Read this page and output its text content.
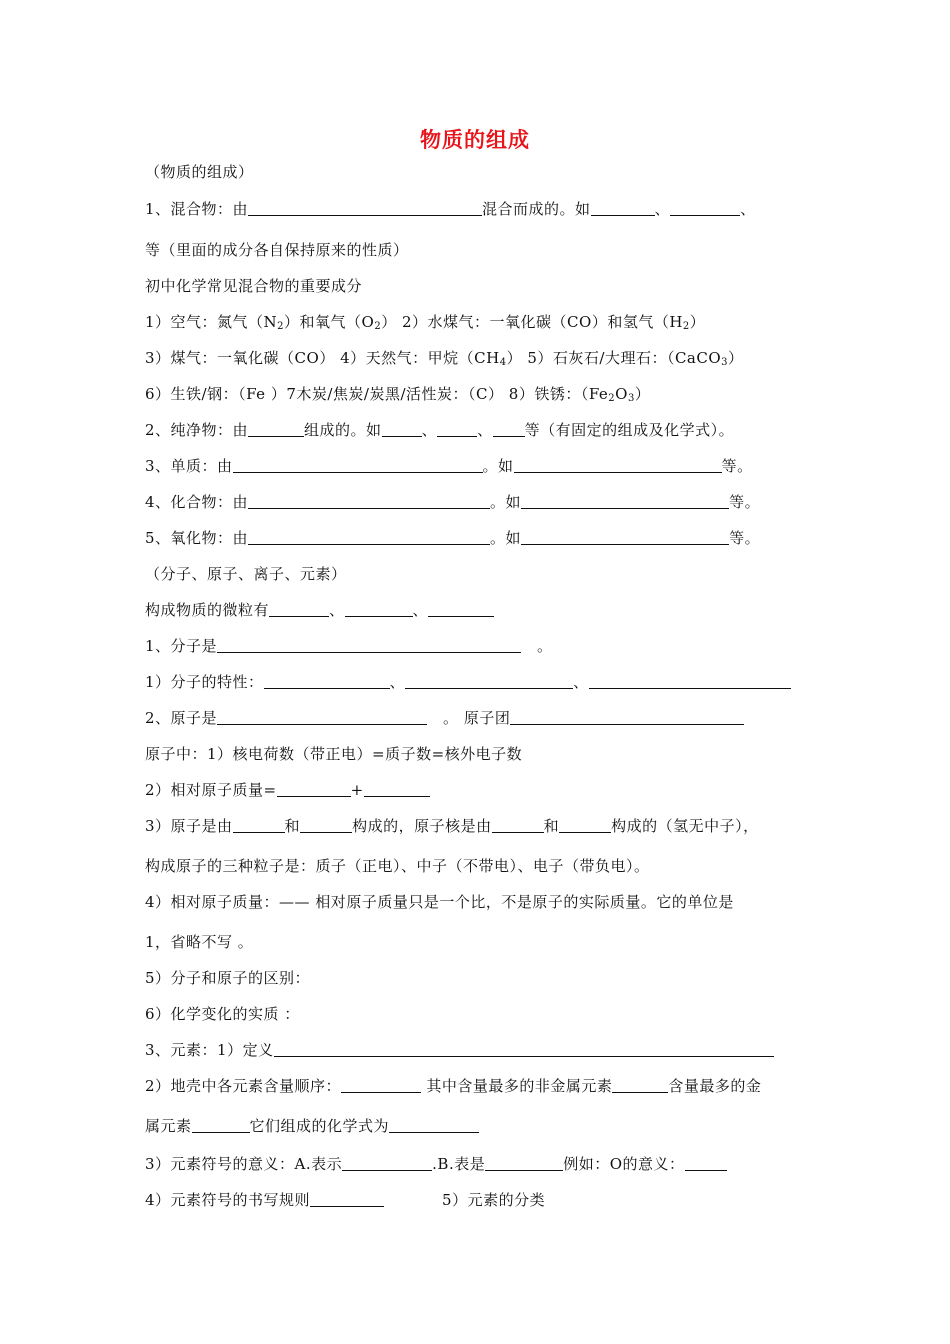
物质的组成
（物质的组成）
1、混合物：由	混合而成的。如	、	、
等（里面的成分各自保持原来的性质）
初中化学常见混合物的重要成分
1）空气：氮气$(N_2)$和氧气$(O_2)$ 2）水煤气：一氧化碳（CO）和氢气$(H_2)$
3）煤气：一氧化碳（CO） 4）天然气：甲烷$(CH_4)$ 5）石灰石/大理石：（CaCO$_3$）
6）生铁/钢：（Fe ）7木炭/焦炭/炭黑/活性炭：（C） 8）铁锈：$(Fe_2O_3)$
2、纯净物：由	组成的。如	、	、 等（有固定的组成及化学式）。
3、单质：由	。如	等。
4、化合物：由	。如	等。
5、氧化物：由	。如	等。
（分子、原子、离子、元素）
构成物质的微粒有	、	、
1、分子是	。
1）分子的特性：	、	、
2、原子是	。 原子团
原子中：1）核电荷数（带正电）=质子数=核外电子数
2）相对原子质量=	+
3）原子是由	和	构成的，原子核是由	和	构成的（氢无中子），
构成原子的三种粒子是：质子（正电）、中子（不带电）、电子（带负电）。
4）相对原子质量：—— 相对原子质量只是一个比，不是原子的实际质量。它的单位是
1，省略不写 。
5）分子和原子的区别：
6）化学变化的实质 ：
3、元素：1）定义
2）地壳中各元素含量顺序：	其中含量最多的非金属元素	含量最多的金
属元素	它们组成的化学式为
3）元素符号的意义：A.表示	.B.表是	例如：O的意义：
4）元素符号的书写规则	5）元素的分类
